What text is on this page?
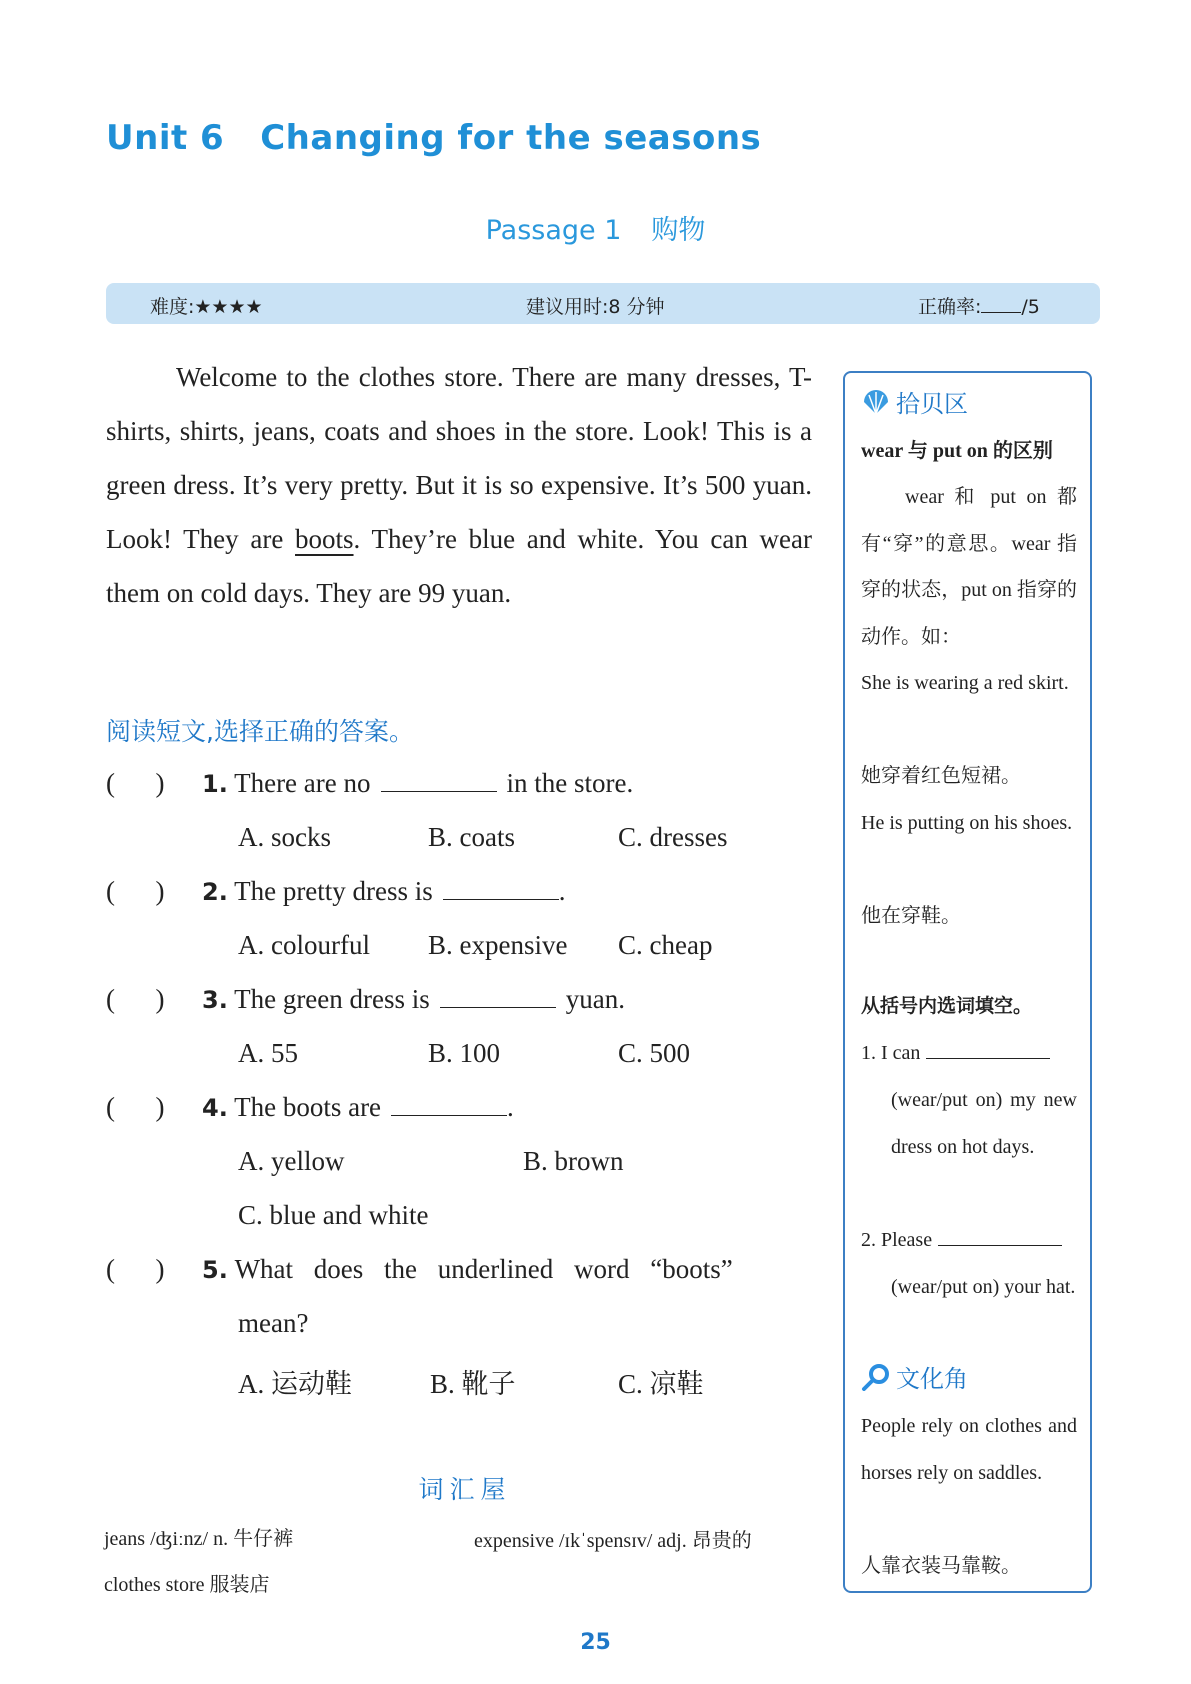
Unit 6 Changing for the seasons
Passage 1 购物
难度:★★★★	建议用时:8 分钟	正确率: /5
Welcome to the clothes store. There are many dresses, T-shirts, shirts, jeans, coats and shoes in the store. Look! This is a green dress. It’s very pretty. But it is so expensive. It’s 500 yuan. Look! They are boots. They’re blue and white. You can wear them on cold days. They are 99 yuan.
阅读短文,选择正确的答案。
(      ) 1. There are no	in the store.
A. socks	B. coats	C. dresses
(      ) 2. The pretty dress is	.
A. colourful B. expensive C. cheap
(      ) 3. The green dress is	yuan.
A. 55	B. 100	C. 500
(      ) 4. The boots are	.
A. yellow	B. brown
C. blue and white
(      ) 5. What does the underlined word “boots”
mean?
A. 运动鞋	B. 靴子	C. 凉鞋
拾贝区
wear 与 put on 的区别
wear 和 put on 都有“穿”的意思。wear 指穿的状态，put on 指穿的动作。如：
She is wearing a red skirt.
她穿着红色短裙。
He is putting on his shoes.
他在穿鞋。
从括号内选词填空。
1. I can
(wear/put on) my new dress on hot days.
2. Please
(wear/put on) your hat.
文化角
People rely on clothes and horses rely on saddles.
人靠衣装马靠鞍。
词汇屋
jeans /ʤiːnz/ n. 牛仔裤	expensive /ɪkˈspensɪv/ adj. 昂贵的
clothes store 服装店
25
